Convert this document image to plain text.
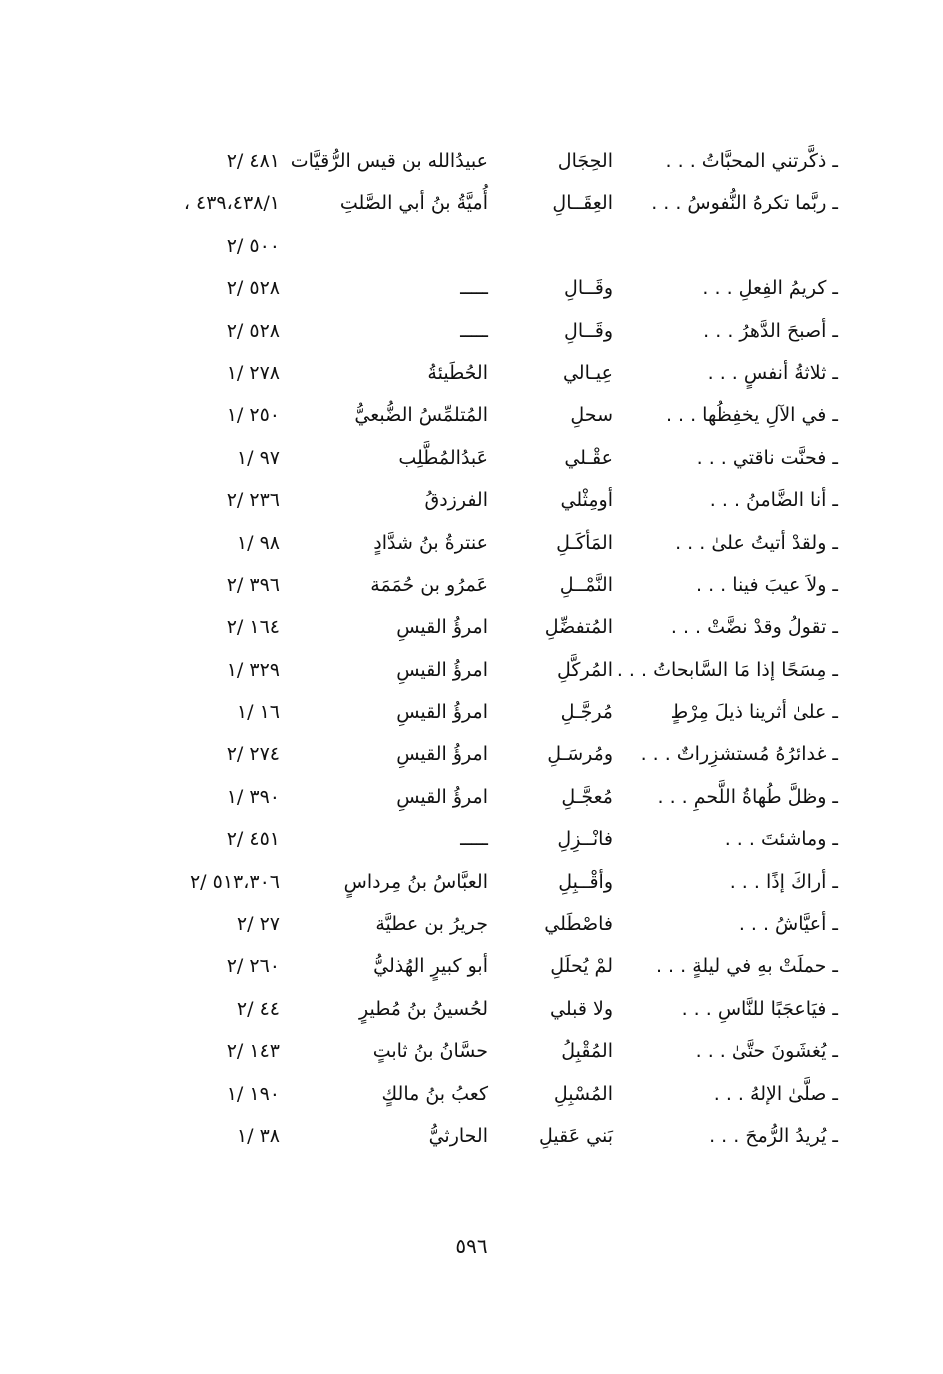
ـ ذكَّرتني المحبَّاتُ . . .
الحِجَال
عبيدُالله بن قيس الرُّقيَّات
٤٨١ /٢
ـ ربَّما تكرهُ النُّفوسُ . . .
العِقَــالِ
أُميَّةُ بنُ أبي الصَّلتِ
٤٣٩،٤٣٨/١ ،
٥٠٠ /٢
ـ كريمُ الفِعلِ . . .
وقَــالِ
ـــــ
٥٢٨ /٢
ـ أصبحَ الدَّهرُ . . .
وقَــالِ
ـــــ
٥٢٨ /٢
ـ ثلاثةُ أنفسٍ . . .
عِيـالي
الحُطَيئةُ
٢٧٨ /١
ـ في الآلِ يخفِظُها . . .
سحلِ
المُتلمِّسُ الضُّبعيُّ
٢٥٠ /١
ـ فحنَّت ناقتي . . .
عقْـلي
عَبدُالمُطَّلِب
٩٧ /١
ـ أنا الضَّامنُ . . .
أومِثْلي
الفرزدقُ
٢٣٦ /٢
ـ ولقدْ أتيتُ علىٰ . . .
المَأكَـلِ
عنترةُ بنُ شدَّادٍ
٩٨ /١
ـ ولاَ عيبَ فينا . . .
النَّمْــلِ
عَمرُو بن حُمَمَة
٣٩٦ /٢
ـ تقولُ وقدْ نضَّتْ . . .
المُتفضِّلِ
امرؤُ القيسِ
١٦٤ /٢
ـ مِسَحًا إذا مَا السَّابحاتُ . . .
المُركَّلِ
امرؤُ القيسِ
٣٢٩ /١
ـ علىٰ أثرينا ذيلَ مِرْطٍ
مُرجَّـلِ
امرؤُ القيسِ
١٦ /١
ـ غدائرُهُ مُستشزِراتٌ . . .
ومُرسَـلِ
امرؤُ القيسِ
٢٧٤ /٢
ـ وظلَّ طُهاةُ اللَّحمِ . . .
مُعجَّـلِ
امرؤُ القيسِ
٣٩٠ /١
ـ وماشئتَ . . .
فانْــزِلِ
ـــــ
٤٥١ /٢
ـ أراكَ إذًا . . .
وأقْــبِلِ
العبَّاسُ بنُ مِرداسٍ
٥١٣،٣٠٦ /٢
ـ أعيَّاشُ . . .
فاصْطَلي
جريرُ بن عطيَّة
٢٧ /٢
ـ حملَتْ بهِ في ليلةٍ . . .
لمْ يُحلَلِ
أبو كبيرٍ الهُذليُّ
٢٦٠ /٢
ـ فيَاعجَبًا للنَّاسِ . . .
ولا قبلي
لحُسينُ بنُ مُطيرٍ
٤٤ /٢
ـ يُغشَونَ حتَّىٰ . . .
المُقْبِلُ
حسَّانُ بنُ ثابتٍ
١٤٣ /٢
ـ صلَّىٰ الإلهُ . . .
المُسْبِلِ
كعبُ بنُ مالكٍ
١٩٠ /١
ـ يُريدُ الرُّمحَ . . .
بَني عَقيلِ
الحارثيُّ
٣٨ /١
٥٩٦
